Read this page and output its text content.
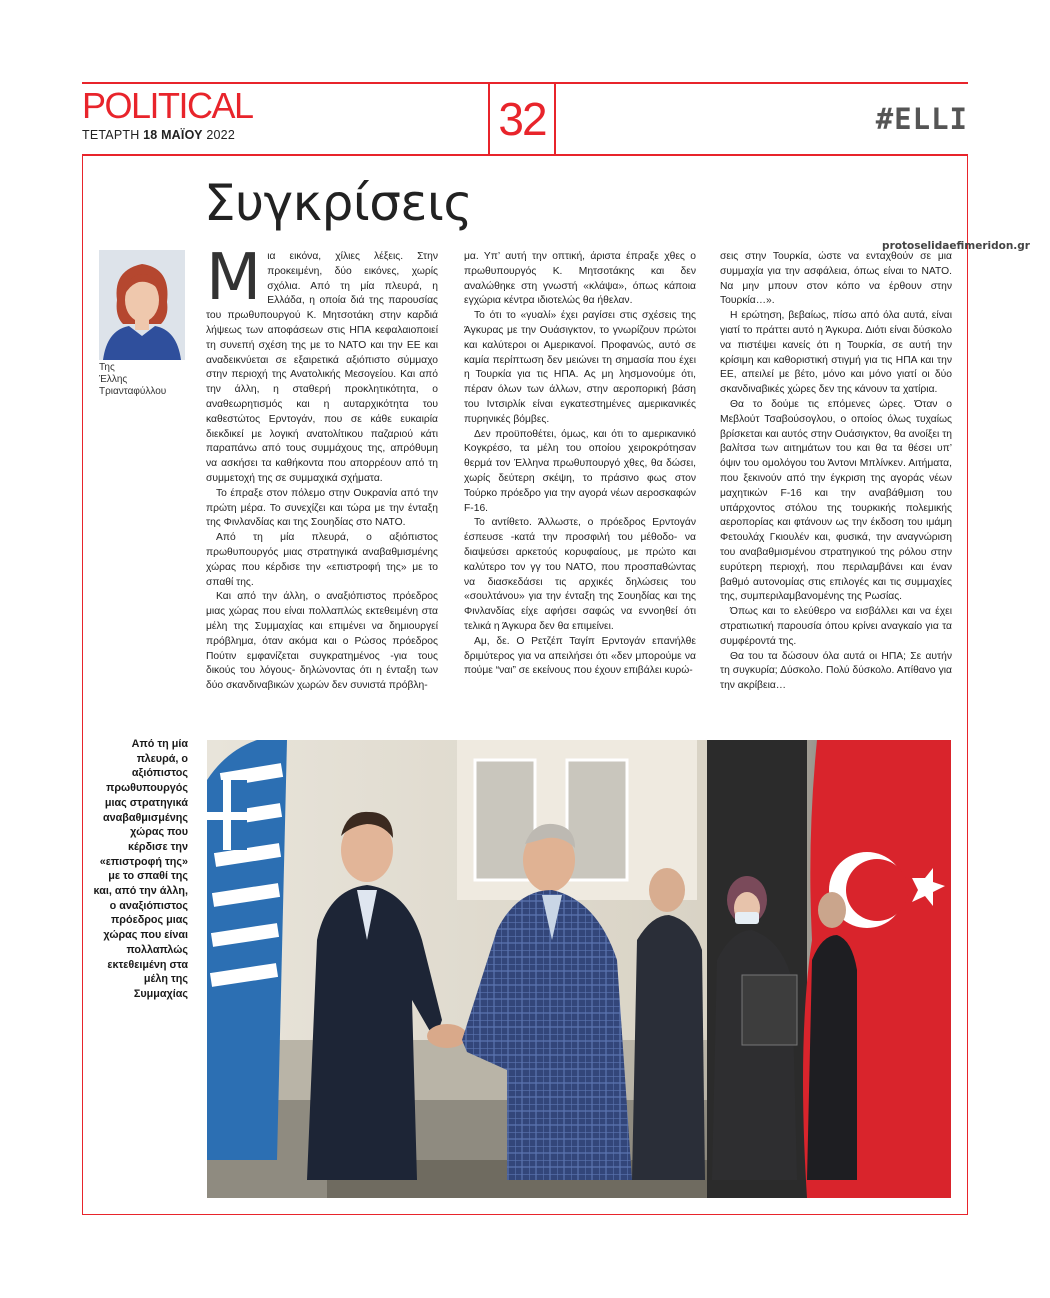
POLITICAL
ΤΕΤΑΡΤΗ 18 ΜΑΪΟΥ 2022	32	#ELLI
protoselidaefimeridon.gr
Συγκρίσεις
Της
Έλλης
Τριανταφύλλου
Μ ια εικόνα, χίλιες λέξεις. Στην προκειμένη, δύο εικόνες, χωρίς σχόλια. Από τη μία πλευρά, η Ελλάδα, η οποία διά της παρουσίας του πρωθυπουργού Κ. Μητσοτάκη στην καρδιά λήψεως των αποφάσεων στις ΗΠΑ κεφαλαιοποιεί τη συνεπή σχέση της με το ΝΑΤΟ και την ΕΕ και αναδεικνύεται σε εξαιρετικά αξιόπιστο σύμμαχο στην περιοχή της Ανατολικής Μεσογείου. Και από την άλλη, η σταθερή προκλητικότητα, ο αναθεωρητισμός και η αυταρχικότητα του καθεστώτος Ερντογάν, που σε κάθε ευκαιρία διεκδικεί με λογική ανατολίτικου παζαριού κάτι παραπάνω από τους συμμάχους της, απρόθυμη να ασκήσει τα καθήκοντα που απορρέουν από τη συμμετοχή της σε συμμαχικά σχήματα.

Το έπραξε στον πόλεμο στην Ουκρανία από την πρώτη μέρα. Το συνεχίζει και τώρα με την ένταξη της Φινλανδίας και της Σουηδίας στο ΝΑΤΟ.

Από τη μία πλευρά, ο αξιόπιστος πρωθυπουργός μιας στρατηγικά αναβαθμισμένης χώρας που κέρδισε την «επιστροφή της» με το σπαθί της.

Και από την άλλη, ο αναξιόπιστος πρόεδρος μιας χώρας που είναι πολλαπλώς εκτεθειμένη στα μέλη της Συμμαχίας και επιμένει να δημιουργεί πρόβλημα, όταν ακόμα και ο Ρώσος πρόεδρος Πούτιν εμφανίζεται συγκρατημένος -για τους δικούς του λόγους- δηλώνοντας ότι η ένταξη των δύο σκανδιναβικών χωρών δεν συνιστά πρόβλη-

μα. Υπ’ αυτή την οπτική, άριστα έπραξε χθες ο πρωθυπουργός Κ. Μητσοτάκης και δεν αναλώθηκε στη γνωστή «κλάψα», όπως κάποια εγχώρια κέντρα ιδιοτελώς θα ήθελαν.

Το ότι το «γυαλί» έχει ραγίσει στις σχέσεις της Άγκυρας με την Ουάσιγκτον, το γνωρίζουν πρώτοι και καλύτεροι οι Αμερικανοί. Προφανώς, αυτό σε καμία περίπτωση δεν μειώνει τη σημασία που έχει η Τουρκία για τις ΗΠΑ. Ας μη λησμονούμε ότι, πέραν όλων των άλλων, στην αεροπορική βάση του Ιντσιρλίκ είναι εγκατεστημένες αμερικανικές πυρηνικές βόμβες.

Δεν προϋποθέτει, όμως, και ότι το αμερικανικό Κογκρέσο, τα μέλη του οποίου χειροκρότησαν θερμά τον Έλληνα πρωθυπουργό χθες, θα δώσει, χωρίς δεύτερη σκέψη, το πράσινο φως στον Τούρκο πρόεδρο για την αγορά νέων αεροσκαφών F-16.

Το αντίθετο. Άλλωστε, ο πρόεδρος Ερντογάν έσπευσε -κατά την προσφιλή του μέθοδο- να διαψεύσει αρκετούς κορυφαίους, με πρώτο και καλύτερο τον γγ του ΝΑΤΟ, που προσπαθώντας να διασκεδάσει τις αρχικές δηλώσεις του «σουλτάνου» για την ένταξη της Σουηδίας και της Φινλανδίας είχε αφήσει σαφώς να εννοηθεί ότι τελικά η Άγκυρα δεν θα επιμείνει.

Αμ, δε. Ο Ρετζέπ Ταγίπ Ερντογάν επανήλθε δριμύτερος για να απειλήσει ότι «δεν μπορούμε να πούμε “ναι” σε εκείνους που έχουν επιβάλει κυρώ-

σεις στην Τουρκία, ώστε να ενταχθούν σε μια συμμαχία για την ασφάλεια, όπως είναι το ΝΑΤΟ. Να μην μπουν στον κόπο να έρθουν στην Τουρκία…».

Η ερώτηση, βεβαίως, πίσω από όλα αυτά, είναι γιατί το πράττει αυτό η Άγκυρα. Διότι είναι δύσκολο να πιστέψει κανείς ότι η Τουρκία, σε αυτή την κρίσιμη και καθοριστική στιγμή για τις ΗΠΑ και την ΕΕ, απειλεί με βέτο, μόνο και μόνο γιατί οι δύο σκανδιναβικές χώρες δεν της κάνουν τα χατίρια.

Θα το δούμε τις επόμενες ώρες. Όταν ο Μεβλούτ Τσαβούσογλου, ο οποίος όλως τυχαίως βρίσκεται και αυτός στην Ουάσιγκτον, θα ανοίξει τη βαλίτσα των αιτημάτων του και θα τα θέσει υπ’ όψιν του ομολόγου του Άντονι Μπλίνκεν. Αιτήματα, που ξεκινούν από την έγκριση της αγοράς νέων μαχητικών F-16 και την αναβάθμιση του υπάρχοντος στόλου της τουρκικής πολεμικής αεροπορίας και φτάνουν ως την έκδοση του ιμάμη Φετουλάχ Γκιουλέν και, φυσικά, την αναγνώριση του αναβαθμισμένου στρατηγικού της ρόλου στην ευρύτερη περιοχή, που περιλαμβάνει και έναν βαθμό αυτονομίας στις επιλογές και τις συμμαχίες της, συμπεριλαμβανομένης της Ρωσίας.

Όπως και το ελεύθερο να εισβάλλει και να έχει στρατιωτική παρουσία όπου κρίνει αναγκαίο για τα συμφέροντά της.

Θα του τα δώσουν όλα αυτά οι ΗΠΑ; Σε αυτήν τη συγκυρία; Δύσκολο. Πολύ δύσκολο. Απίθανο για την ακρίβεια…

Από τη μία πλευρά, ο αξιόπιστος πρωθυπουργός μιας στρατηγικά αναβαθμισμένης χώρας που κέρδισε την «επιστροφή της» με το σπαθί της και, από την άλλη, ο αναξιόπιστος πρόεδρος μιας χώρας που είναι πολλαπλώς εκτεθειμένη στα μέλη της Συμμαχίας
